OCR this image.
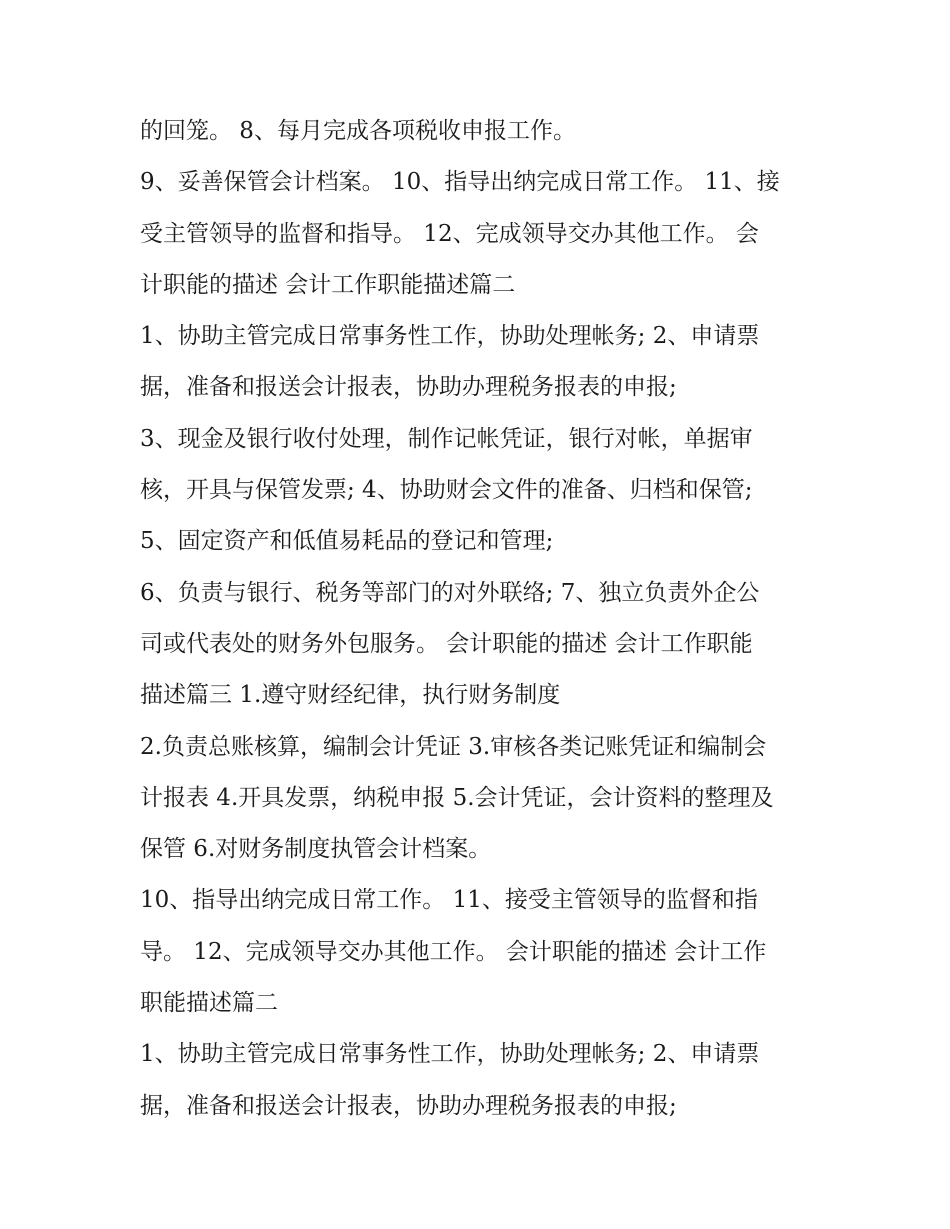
的回笼。 8、每月完成各项税收申报工作。
9、妥善保管会计档案。 10、指导出纳完成日常工作。 11、接
受主管领导的监督和指导。 12、完成领导交办其他工作。 会
计职能的描述 会计工作职能描述篇二
1、协助主管完成日常事务性工作，协助处理帐务; 2、申请票
据，准备和报送会计报表，协助办理税务报表的申报;
3、现金及银行收付处理，制作记帐凭证，银行对帐，单据审
核，开具与保管发票; 4、协助财会文件的准备、归档和保管;
5、固定资产和低值易耗品的登记和管理;
6、负责与银行、税务等部门的对外联络; 7、独立负责外企公
司或代表处的财务外包服务。 会计职能的描述 会计工作职能
描述篇三 1.遵守财经纪律，执行财务制度
2.负责总账核算，编制会计凭证 3.审核各类记账凭证和编制会
计报表 4.开具发票，纳税申报 5.会计凭证，会计资料的整理及
保管 6.对财务制度执管会计档案。
10、指导出纳完成日常工作。 11、接受主管领导的监督和指
导。 12、完成领导交办其他工作。 会计职能的描述 会计工作
职能描述篇二
1、协助主管完成日常事务性工作，协助处理帐务; 2、申请票
据，准备和报送会计报表，协助办理税务报表的申报;
